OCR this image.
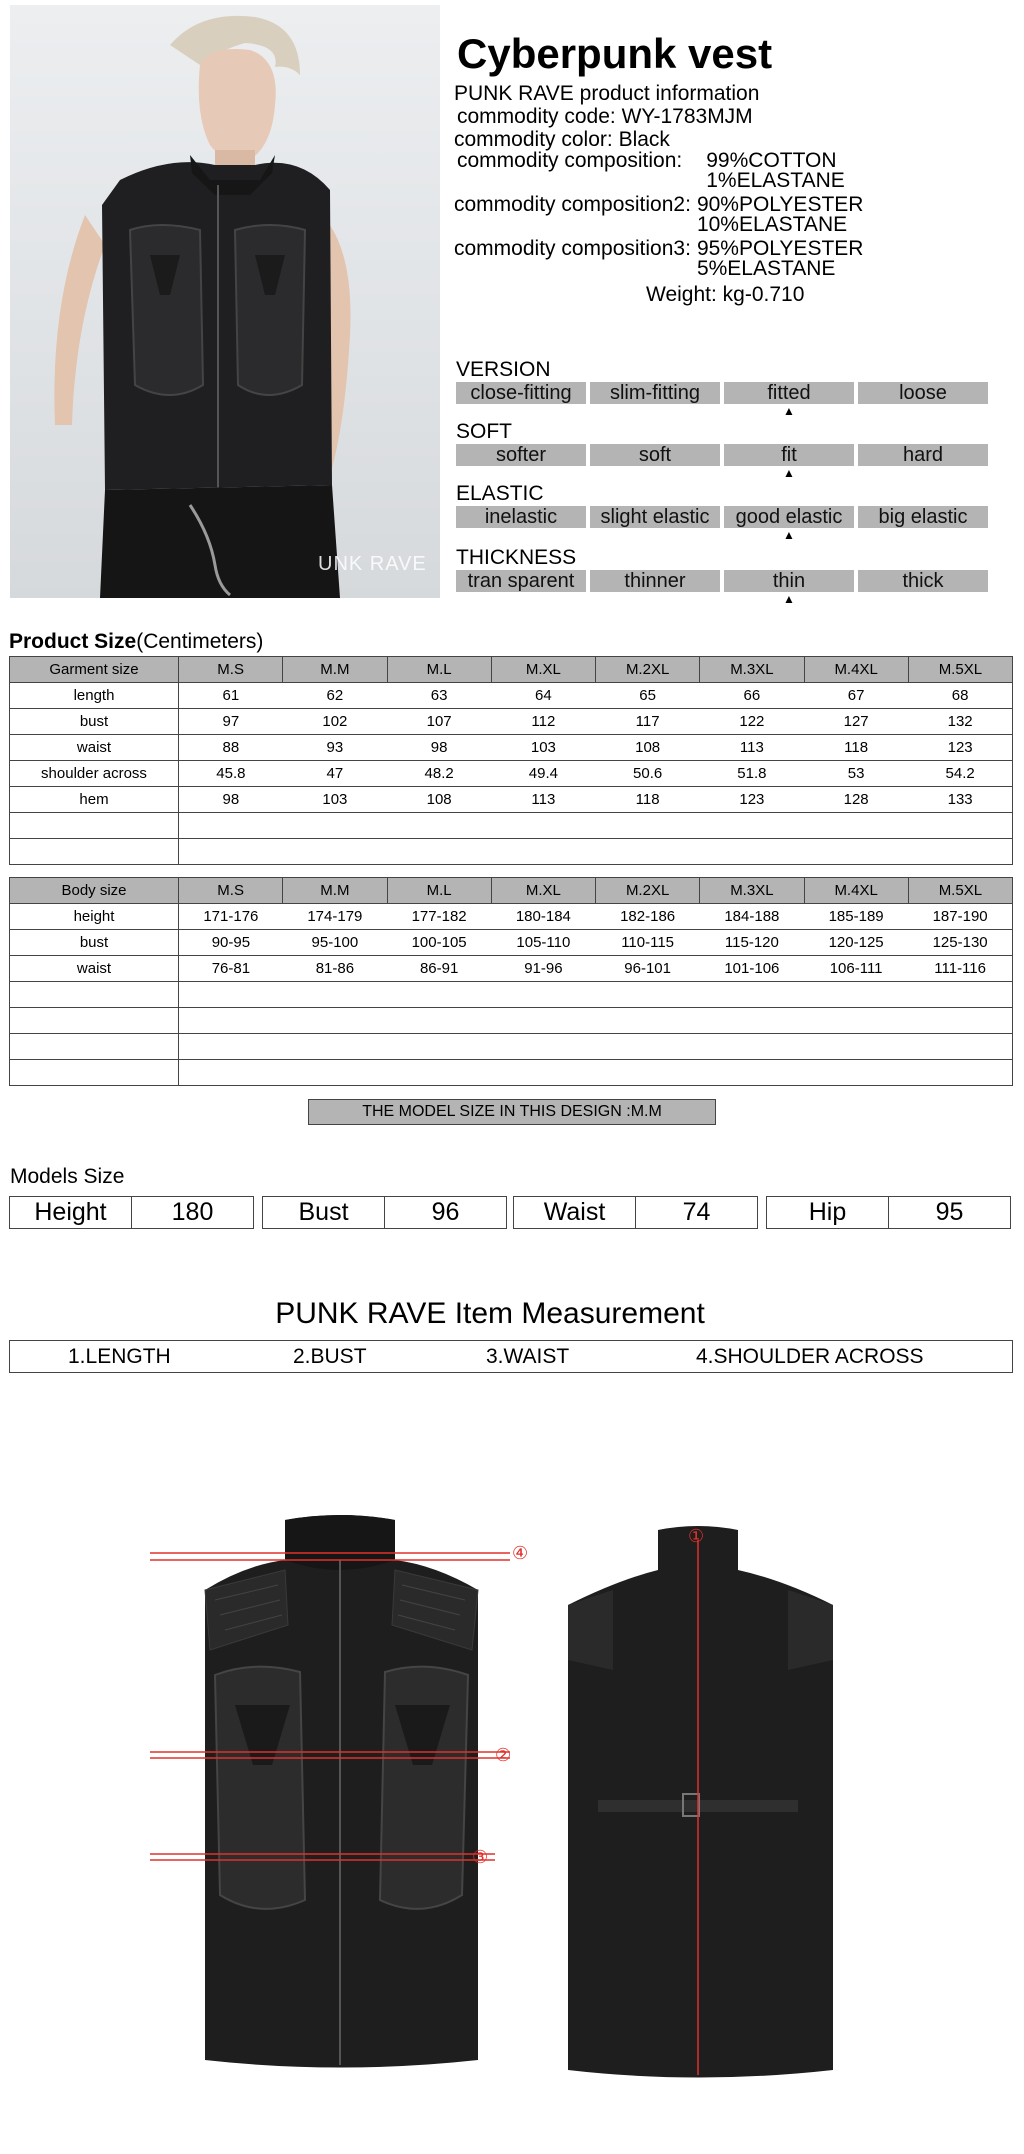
UNK RAVE
Cyberpunk vest
PUNK RAVE product information
commodity code: WY-1783MJM
commodity color: Black
commodity composition: 99%COTTON
1%ELASTANE
commodity composition2: 90%POLYESTER
10%ELASTANE
commodity composition3: 95%POLYESTER
5%ELASTANE
Weight: kg-0.710
VERSION
close-fitting	slim-fitting	fitted	loose
▲
SOFT
softer	soft	fit	hard
▲
ELASTIC
inelastic	slight elastic	good elastic	big elastic
▲
THICKNESS
tran sparent	thinner	thin	thick
▲
Product Size(Centimeters)
Garment size	M.S	M.M	M.L	M.XL	M.2XL	M.3XL	M.4XL	M.5XL
length	61	62	63	64	65	66	67	68
bust	97	102	107	112	117	122	127	132
waist	88	93	98	103	108	113	118	123
shoulder across	45.8	47	48.2	49.4	50.6	51.8	53	54.2
hem	98	103	108	113	118	123	128	133

Body size	M.S	M.M	M.L	M.XL	M.2XL	M.3XL	M.4XL	M.5XL
height	171-176	174-179	177-182	180-184	182-186	184-188	185-189	187-190
bust	90-95	95-100	100-105	105-110	110-115	115-120	120-125	125-130
waist	76-81	81-86	86-91	91-96	96-101	101-106	106-111	111-116

THE MODEL SIZE IN THIS DESIGN :M.M
Models Size
Height	180	Bust	96	Waist	74	Hip	95
PUNK RAVE Item Measurement
1.LENGTH	2.BUST	3.WAIST	4.SHOULDER ACROSS
④
②
③
①
